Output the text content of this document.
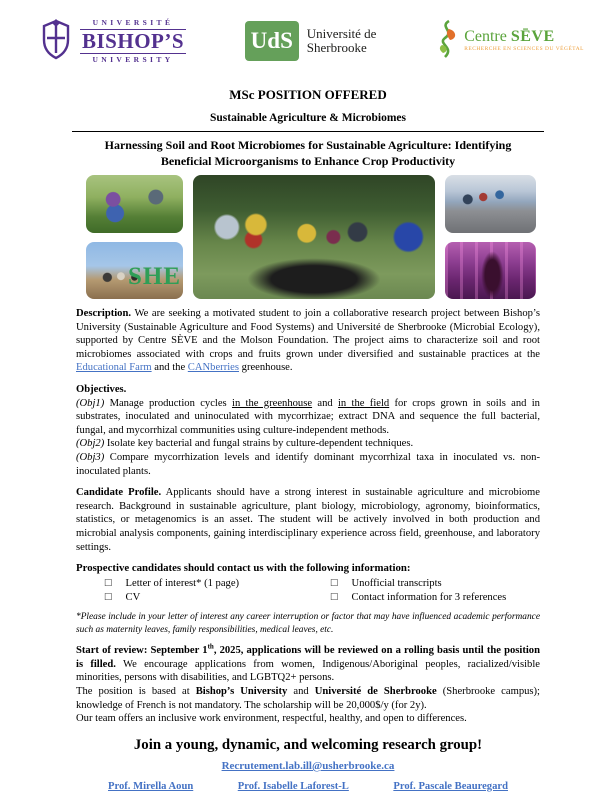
UNIVERSITÉ
BISHOP’S
UNIVERSITY
UdS	Université de
Sherbrooke
Centre SĒVE
RECHERCHE EN SCIENCES DU VÉGÉTAL
MSc POSITION OFFERED
Sustainable Agriculture & Microbiomes
Harnessing Soil and Root Microbiomes for Sustainable Agriculture: Identifying
Beneficial Microorganisms to Enhance Crop Productivity
SHE
Description. We are seeking a motivated student to join a collaborative research project between Bishop’s University (Sustainable Agriculture and Food Systems) and Université de Sherbrooke (Microbial Ecology), supported by Centre SÈVE and the Molson Foundation. The project aims to characterize soil and root microbiomes associated with crops and fruits grown under diversified and sustainable practices at the Educational Farm and the CANberries greenhouse.
Objectives.
(Obj1) Manage production cycles in the greenhouse and in the field for crops grown in soils and in substrates, inoculated and uninoculated with mycorrhizae; extract DNA and sequence the full bacterial, fungal, and mycorrhizal communities using culture-independent methods.
(Obj2) Isolate key bacterial and fungal strains by culture-dependent techniques.
(Obj3) Compare mycorrhization levels and identify dominant mycorrhizal taxa in inoculated vs. non-inoculated plants.
Candidate Profile. Applicants should have a strong interest in sustainable agriculture and microbiome research. Background in sustainable agriculture, plant biology, microbiology, agronomy, bioinformatics, statistics, or metagenomics is an asset. The student will be actively involved in both production and microbial analysis components, gaining interdisciplinary experience across field, greenhouse, and laboratory settings.
Prospective candidates should contact us with the following information:
☐ Letter of interest* (1 page)
☐ CV
☐ Unofficial transcripts
☐ Contact information for 3 references
*Please include in your letter of interest any career interruption or factor that may have influenced academic performance such as maternity leaves, family responsibilities, medical leaves, etc.
Start of review: September 1th, 2025, applications will be reviewed on a rolling basis until the position is filled. We encourage applications from women, Indigenous/Aboriginal peoples, racialized/visible minorities, persons with disabilities, and LGBTQ2+ persons.
The position is based at Bishop’s University and Université de Sherbrooke (Sherbrooke campus); knowledge of French is not mandatory. The scholarship will be 20,000$/y (for 2y).
Our team offers an inclusive work environment, respectful, healthy, and open to differences.
Join a young, dynamic, and welcoming research group!
Recrutement.lab.ill@usherbrooke.ca
Prof. Mirella Aoun	Prof. Isabelle Laforest-L	Prof. Pascale Beauregard
